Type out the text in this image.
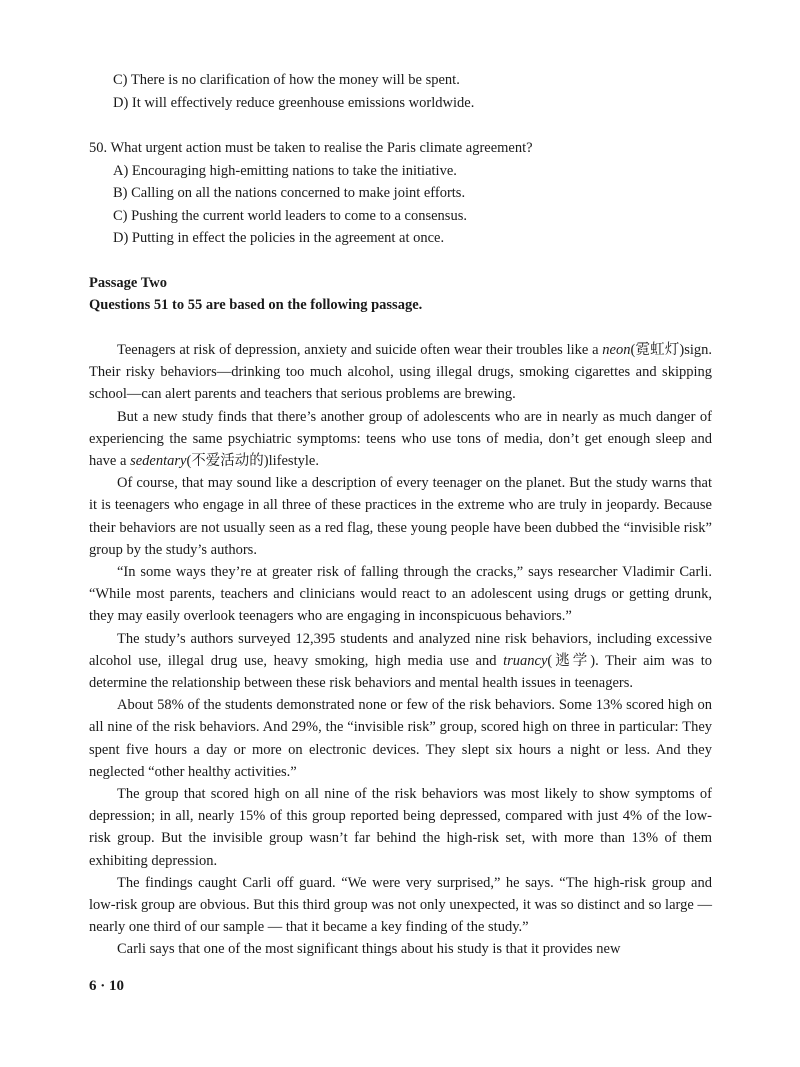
C) There is no clarification of how the money will be spent.
D) It will effectively reduce greenhouse emissions worldwide.
50. What urgent action must be taken to realise the Paris climate agreement?
A) Encouraging high-emitting nations to take the initiative.
B) Calling on all the nations concerned to make joint efforts.
C) Pushing the current world leaders to come to a consensus.
D) Putting in effect the policies in the agreement at once.
Passage Two
Questions 51 to 55 are based on the following passage.

Teenagers at risk of depression, anxiety and suicide often wear their troubles like a neon(霓虹灯)sign. Their risky behaviors—drinking too much alcohol, using illegal drugs, smoking cigarettes and skipping school—can alert parents and teachers that serious problems are brewing.

But a new study finds that there’s another group of adolescents who are in nearly as much danger of experiencing the same psychiatric symptoms: teens who use tons of media, don’t get enough sleep and have a sedentary(不爱活动的)lifestyle.

Of course, that may sound like a description of every teenager on the planet. But the study warns that it is teenagers who engage in all three of these practices in the extreme who are truly in jeopardy. Because their behaviors are not usually seen as a red flag, these young people have been dubbed the “invisible risk” group by the study’s authors.

“In some ways they’re at greater risk of falling through the cracks,” says researcher Vladimir Carli. “While most parents, teachers and clinicians would react to an adolescent using drugs or getting drunk, they may easily overlook teenagers who are engaging in inconspicuous behaviors.”

The study’s authors surveyed 12,395 students and analyzed nine risk behaviors, including excessive alcohol use, illegal drug use, heavy smoking, high media use and truancy(逃学). Their aim was to determine the relationship between these risk behaviors and mental health issues in teenagers.

About 58% of the students demonstrated none or few of the risk behaviors. Some 13% scored high on all nine of the risk behaviors. And 29%, the “invisible risk” group, scored high on three in particular: They spent five hours a day or more on electronic devices. They slept six hours a night or less. And they neglected “other healthy activities.”

The group that scored high on all nine of the risk behaviors was most likely to show symptoms of depression; in all, nearly 15% of this group reported being depressed, compared with just 4% of the low-risk group. But the invisible group wasn’t far behind the high-risk set, with more than 13% of them exhibiting depression.

The findings caught Carli off guard. “We were very surprised,” he says. “The high-risk group and low-risk group are obvious. But this third group was not only unexpected, it was so distinct and so large — nearly one third of our sample — that it became a key finding of the study.”

Carli says that one of the most significant things about his study is that it provides new

6 · 10
